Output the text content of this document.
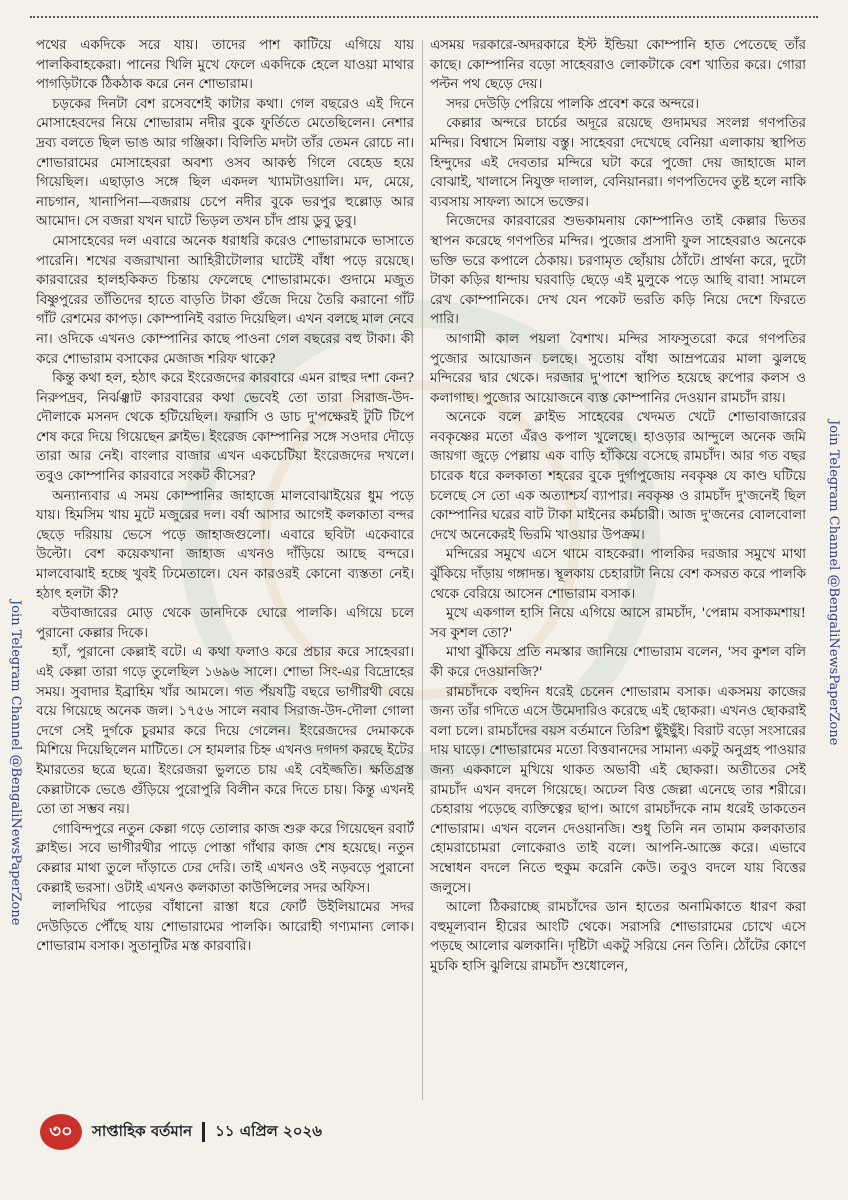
পথের একদিকে সরে যায়। তাদের পাশ কাটিয়ে এগিয়ে যায় পালকিবাহকেরা। পানের খিলি মুখে ফেলে একদিকে হেলে যাওয়া মাথার পাগড়িটাকে ঠিকঠাক করে নেন শোভারাম।

চড়কের দিনটা বেশ রসেবশেই কাটার কথা। গেল বছরেও এই দিনে মোসাহেবদের নিয়ে শোভারাম নদীর বুকে ফুর্তিতে মেতেছিলেন। নেশার দ্রব্য বলতে ছিল ভাঙ আর গঞ্জিকা। বিলিতি মদটা তাঁর তেমন রোচে না। শোভারামের মোসাহেবরা অবশ্য ওসব আকণ্ঠ গিলে বেহেড হয়ে গিয়েছিল। এছাড়াও সঙ্গে ছিল একদল খ্যামটাওয়ালি। মদ, মেয়ে, নাচগান, খানাপিনা—বজরায় চেপে নদীর বুকে ভরপুর হুল্লোড় আর আমোদ। সে বজরা যখন ঘাটে ভিড়ল তখন চাঁদ প্রায় ডুবু ডুবু।

মোসাহেবের দল এবারে অনেক ধরাধরি করেও শোভারামকে ভাসাতে পারেনি। শখের বজরাখানা আহিরীটোলার ঘাটেই বাঁধা পড়ে রয়েছে। কারবারের হালহকিকত চিন্তায় ফেলেছে শোভারামকে। গুদামে মজুত বিষ্ণুপুরের তাঁতিদের হাতে বাড়তি টাকা গুঁজে দিয়ে তৈরি করানো গাঁট গাঁট রেশমের কাপড়। কোম্পানিই বরাত দিয়েছিল। এখন বলছে মাল নেবে না। ওদিকে এখনও কোম্পানির কাছে পাওনা গেল বছরের বহু টাকা। কী করে শোভারাম বসাকের মেজাজ শরিফ থাকে?

কিন্তু কথা হল, হঠাৎ করে ইংরেজদের কারবারে এমন রাহুর দশা কেন? নিরুপদ্রব, নির্ঝঞ্ঝাট কারবারের কথা ভেবেই তো তারা সিরাজ-উদ-দৌলাকে মসনদ থেকে হটিয়েছিল। ফরাসি ও ডাচ দু'পক্ষেরই টুটি টিপে শেষ করে দিয়ে গিয়েছেন ক্লাইভ। ইংরেজ কোম্পানির সঙ্গে সওদার দৌড়ে তারা আর নেই। বাংলার বাজার এখন একচেটিয়া ইংরেজদের দখলে। তবুও কোম্পানির কারবারে সংকট কীসের?

অন্যান্যবার এ সময় কোম্পানির জাহাজে মালবোঝাইয়ের ধুম পড়ে যায়। হিমসিম খায় মুটে মজুরের দল। বর্ষা আসার আগেই কলকাতা বন্দর ছেড়ে দরিয়ায় ভেসে পড়ে জাহাজগুলো। এবারে ছবিটা একেবারে উল্টো। বেশ কয়েকখানা জাহাজ এখনও দাঁড়িয়ে আছে বন্দরে। মালবোঝাই হচ্ছে খুবই ঢিমেতালে। যেন কারওরই কোনো ব্যস্ততা নেই। হঠাৎ হলটা কী?

বউবাজারের মোড় থেকে ডানদিকে ঘোরে পালকি। এগিয়ে চলে পুরানো কেল্লার দিকে।

হ্যাঁ, পুরানো কেল্লাই বটে। এ কথা ফলাও করে প্রচার করে সাহেবরা। এই কেল্লা তারা গড়ে তুলেছিল ১৬৯৬ সালে। শোভা সিং-এর বিদ্রোহের সময়। সুবাদার ইব্রাহিম খাঁর আমলে। গত পঁয়ষট্টি বছরে ভাগীরথী বেয়ে বয়ে গিয়েছে অনেক জল। ১৭৫৬ সালে নবাব সিরাজ-উদ-দৌলা গোলা দেগে সেই দুর্গকে চুরমার করে দিয়ে গেলেন। ইংরেজদের দেমাককে মিশিয়ে দিয়েছিলেন মাটিতে। সে হামলার চিহ্ন এখনও দগদগ করছে ইটের ইমারতের ছত্রে ছত্রে। ইংরেজরা ভুলতে চায় এই বেইজ্জতি। ক্ষতিগ্রস্ত কেল্লাটাকে ভেঙে গুঁড়িয়ে পুরোপুরি বিলীন করে দিতে চায়। কিন্তু এখনই তো তা সম্ভব নয়।

গোবিন্দপুরে নতুন কেল্লা গড়ে তোলার কাজ শুরু করে গিয়েছেন রবার্ট ক্লাইভ। সবে ভাগীরথীর পাড়ে পোস্তা গাঁথার কাজ শেষ হয়েছে। নতুন কেল্লার মাথা তুলে দাঁড়াতে ঢের দেরি। তাই এখনও ওই নড়বড়ে পুরানো কেল্লাই ভরসা। ওটাই এখনও কলকাতা কাউন্সিলের সদর অফিস।

লালদিঘির পাড়ের বাঁধানো রাস্তা ধরে ফোর্ট উইলিয়ামের সদর দেউড়িতে পৌঁছে যায় শোভারামের পালকি। আরোহী গণ্যমান্য লোক। শোভারাম বসাক। সুতানুটির মস্ত কারবারি।

এসময় দরকারে-অদরকারে ইস্ট ইন্ডিয়া কোম্পানি হাত পেতেছে তাঁর কাছে। কোম্পানির বড়ো সাহেবরাও লোকটাকে বেশ খাতির করে। গোরা পল্টন পথ ছেড়ে দেয়।

সদর দেউড়ি পেরিয়ে পালকি প্রবেশ করে অন্দরে।

কেল্লার অন্দরে চার্চের অদূরে রয়েছে গুদামঘর সংলগ্ন গণপতির মন্দির। বিশ্বাসে মিলায় বস্তু। সাহেবরা দেখেছে বেনিয়া এলাকায় স্থাপিত হিন্দুদের এই দেবতার মন্দিরে ঘটা করে পুজো দেয় জাহাজে মাল বোঝাই, খালাসে নিযুক্ত দালাল, বেনিয়ানরা। গণপতিদেব তুষ্ট হলে নাকি ব্যবসায় সাফল্য আসে ভক্তের।

নিজেদের কারবারের শুভকামনায় কোম্পানিও তাই কেল্লার ভিতর স্থাপন করেছে গণপতির মন্দির। পুজোর প্রসাদী ফুল সাহেবরাও অনেকে ভক্তি ভরে কপালে ঠেকায়। চরণামৃত ছোঁয়ায় ঠোঁটে। প্রার্থনা করে, দুটো টাকা কড়ির ধান্দায় ঘরবাড়ি ছেড়ে এই মুলুকে পড়ে আছি বাবা! সামলে রেখ কোম্পানিকে। দেখ যেন পকেট ভরতি কড়ি নিয়ে দেশে ফিরতে পারি।

আগামী কাল পয়লা বৈশাখ। মন্দির সাফসুতরো করে গণপতির পুজোর আয়োজন চলছে। সুতোয় বাঁধা আম্রপত্রের মালা ঝুলছে মন্দিরের দ্বার থেকে। দরজার দু'পাশে স্থাপিত হয়েছে রুপোর কলস ও কলাগাছ। পুজোর আয়োজনে ব্যস্ত কোম্পানির দেওয়ান রামচাঁদ রায়।

অনেকে বলে ক্লাইভ সাহেবের খেদমত খেটে শোভাবাজারের নবকৃষ্ণের মতো এঁরও কপাল খুলেছে। হাওড়ার আন্দুলে অনেক জমি জায়গা জুড়ে পেল্লায় এক বাড়ি হাঁকিয়ে বসেছে রামচাঁদ। আর গত বছর চারেক ধরে কলকাতা শহরের বুকে দুর্গাপুজোয় নবকৃষ্ণ যে কাণ্ড ঘটিয়ে চলেছে সে তো এক অত্যাশ্চর্য ব্যাপার। নবকৃষ্ণ ও রামচাঁদ দু'জনেই ছিল কোম্পানির ঘরের বাট টাকা মাইনের কর্মচারী। আজ দু'জনের বোলবোলা দেখে অনেকেরই ভিরমি খাওয়ার উপক্রম।

মন্দিরের সমুখে এসে থামে বাহকেরা। পালকির দরজার সমুখে মাথা ঝুঁকিয়ে দাঁড়ায় গঙ্গাদন্ত। স্থূলকায় চেহারাটা নিয়ে বেশ কসরত করে পালকি থেকে বেরিয়ে আসেন শোভারাম বসাক।

মুখে একগাল হাসি নিয়ে এগিয়ে আসে রামচাঁদ, 'পেন্নাম বসাকমশায়! সব কুশল তো?'

মাথা ঝুঁকিয়ে প্রতি নমস্কার জানিয়ে শোভারাম বলেন, 'সব কুশল বলি কী করে দেওয়ানজি?'

রামচাঁদকে বহুদিন ধরেই চেনেন শোভারাম বসাক। একসময় কাজের জন্য তাঁর গদিতে এসে উমেদারিও করেছে এই ছোকরা। এখনও ছোকরাই বলা চলে। রামচাঁদের বয়স বর্তমানে তিরিশ ছুঁইছুঁই। বিরাট বড়ো সংসারের দায় ঘাড়ে। শোভারামের মতো বিত্তবানদের সামান্য একটু অনুগ্রহ পাওয়ার জন্য এককালে মুখিয়ে থাকত অভাবী এই ছোকরা। অতীতের সেই রামচাঁদ এখন বদলে গিয়েছে। অঢেল বিত্ত জেল্লা এনেছে তার শরীরে। চেহারায় পড়েছে ব্যক্তিত্বের ছাপ। আগে রামচাঁদকে নাম ধরেই ডাকতেন শোভারাম। এখন বলেন দেওয়ানজি। শুধু তিনি নন তামাম কলকাতার হোমরাচোমরা লোকেরাও তাই বলে। আপনি-আজ্ঞে করে। এভাবে সম্বোধন বদলে নিতে হুকুম করেনি কেউ। তবুও বদলে যায় বিত্তের জলুসে।

আলো ঠিকরাচ্ছে রামচাঁদের ডান হাতের অনামিকাতে ধারণ করা বহুমূল্যবান হীরের আংটি থেকে। সরাসরি শোভারামের চোখে এসে পড়ছে আলোর ঝলকানি। দৃষ্টিটা একটু সরিয়ে নেন তিনি। ঠোঁটের কোণে মুচকি হাসি ঝুলিয়ে রামচাঁদ শুধোলেন,

Join Telegram Channel @BengaliNewsPaperZone
Join Telegram Channel @BengaliNewsPaperZone
৩০	সাপ্তাহিক বর্তমান ১১ এপ্রিল ২০২৬
